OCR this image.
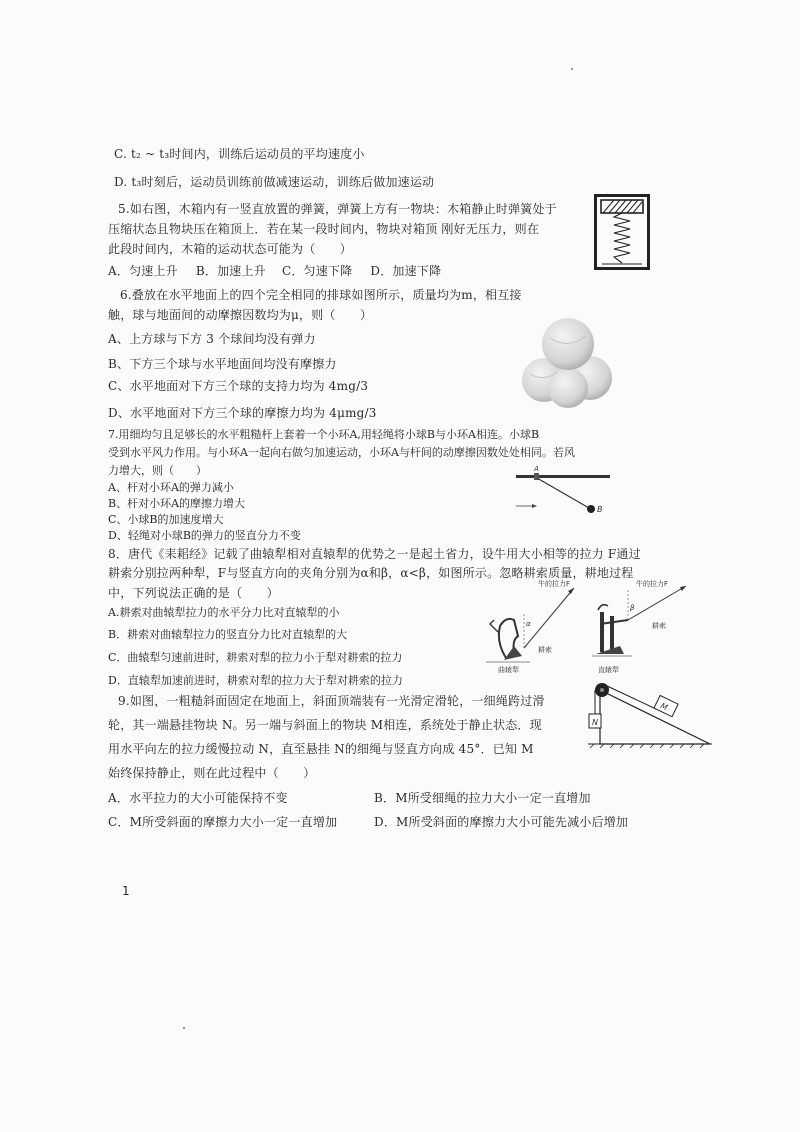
C. t₂ ~ t₃时间内，训练后运动员的平均速度小
D. t₃时刻后，运动员训练前做减速运动，训练后做加速运动
5.如右图，木箱内有一竖直放置的弹簧，弹簧上方有一物块：木箱静止时弹簧处于
压缩状态且物块压在箱顶上．若在某一段时间内，物块对箱顶 刚好无压力，则在
此段时间内，木箱的运动状态可能为（　　）
A．匀速上升 B．加速上升 C．匀速下降 D．加速下降
6.叠放在水平地面上的四个完全相同的排球如图所示，质量均为m，相互接
触，球与地面间的动摩擦因数均为μ，则（　　）
A、上方球与下方 3 个球间均没有弹力
B、下方三个球与水平地面间均没有摩擦力
C、水平地面对下方三个球的支持力均为 4mg/3
D、水平地面对下方三个球的摩擦力均为 4μmg/3
7.用细均匀且足够长的水平粗糙杆上套着一个小环A,用轻绳将小球B与小环A相连。小球B
受到水平风力作用。与小环A一起向右做匀加速运动，小环A与杆间的动摩擦因数处处相同。若风
力增大，则（　　）
A、杆对小环A的弹力减小
B、杆对小环A的摩擦力增大
C、小球B的加速度增大
D、轻绳对小球B的弹力的竖直分力不变
A
B
8．唐代《耒耜经》记载了曲辕犁相对直辕犁的优势之一是起土省力，设牛用大小相等的拉力 F通过
耕索分别拉两种犁，F与竖直方向的夹角分别为α和β，α<β，如图所示。忽略耕索质量，耕地过程
中，下列说法正确的是（　　）
A.耕索对曲辕犁拉力的水平分力比对直辕犁的小
B．耕索对曲辕犁拉力的竖直分力比对直辕犁的大
C．曲辕犁匀速前进时，耕索对犁的拉力小于犁对耕索的拉力
D．直辕犁加速前进时，耕索对犁的拉力大于犁对耕索的拉力
牛的拉力F
α
耕索
曲辕犁
牛的拉力F
β
耕索
直辕犁
9.如图，一粗糙斜面固定在地面上，斜面顶端装有一光滑定滑轮，一细绳跨过滑
轮，其一端悬挂物块 N。另一端与斜面上的物块 M相连，系统处于静止状态．现
用水平向左的拉力缓慢拉动 N，直至悬挂 N的细绳与竖直方向成 45°．已知 M
始终保持静止，则在此过程中（　　）
A．水平拉力的大小可能保持不变	B．M所受细绳的拉力大小一定一直增加
C．M所受斜面的摩擦力大小一定一直增加	D．M所受斜面的摩擦力大小可能先减小后增加
N
M
1
